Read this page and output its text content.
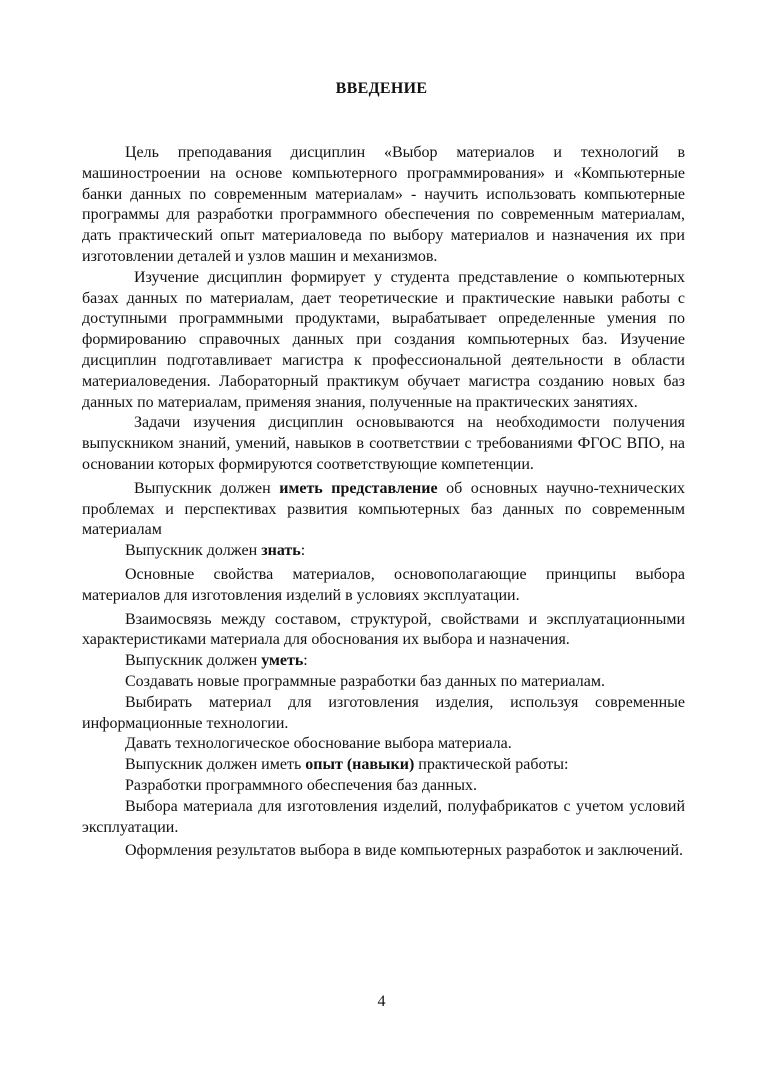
ВВЕДЕНИЕ

Цель преподавания дисциплин «Выбор материалов и технологий в машиностроении на основе компьютерного программирования» и «Компьютерные банки данных по современным материалам» - научить использовать компьютерные программы для разработки программного обеспечения по современным материалам, дать практический опыт материаловеда по выбору материалов и назначения их при изготовлении деталей и узлов машин и механизмов.

Изучение дисциплин формирует у студента представление о компьютерных базах данных по материалам, дает теоретические и практические навыки работы с доступными программными продуктами, вырабатывает определенные умения по формированию справочных данных при создания компьютерных баз. Изучение дисциплин подготавливает магистра к профессиональной деятельности в области материаловедения. Лабораторный практикум обучает магистра созданию новых баз данных по материалам, применяя знания, полученные на практических занятиях.

Задачи изучения дисциплин основываются на необходимости получения выпускником знаний, умений, навыков в соответствии с требованиями ФГОС ВПО, на основании которых формируются соответствующие компетенции.

Выпускник должен иметь представление об основных научно-технических проблемах и перспективах развития компьютерных баз данных по современным материалам

Выпускник должен знать:

Основные свойства материалов, основополагающие принципы выбора материалов для изготовления изделий в условиях эксплуатации.

Взаимосвязь между составом, структурой, свойствами и эксплуатационными характеристиками материала для обоснования их выбора и назначения.

Выпускник должен уметь:

Создавать новые программные разработки баз данных по материалам.

Выбирать материал для изготовления изделия, используя современные информационные технологии.

Давать технологическое обоснование выбора материала.

Выпускник должен иметь опыт (навыки) практической работы:

Разработки программного обеспечения баз данных.

Выбора материала для изготовления изделий, полуфабрикатов с учетом условий эксплуатации.

Оформления результатов выбора в виде компьютерных разработок и заключений.

4
